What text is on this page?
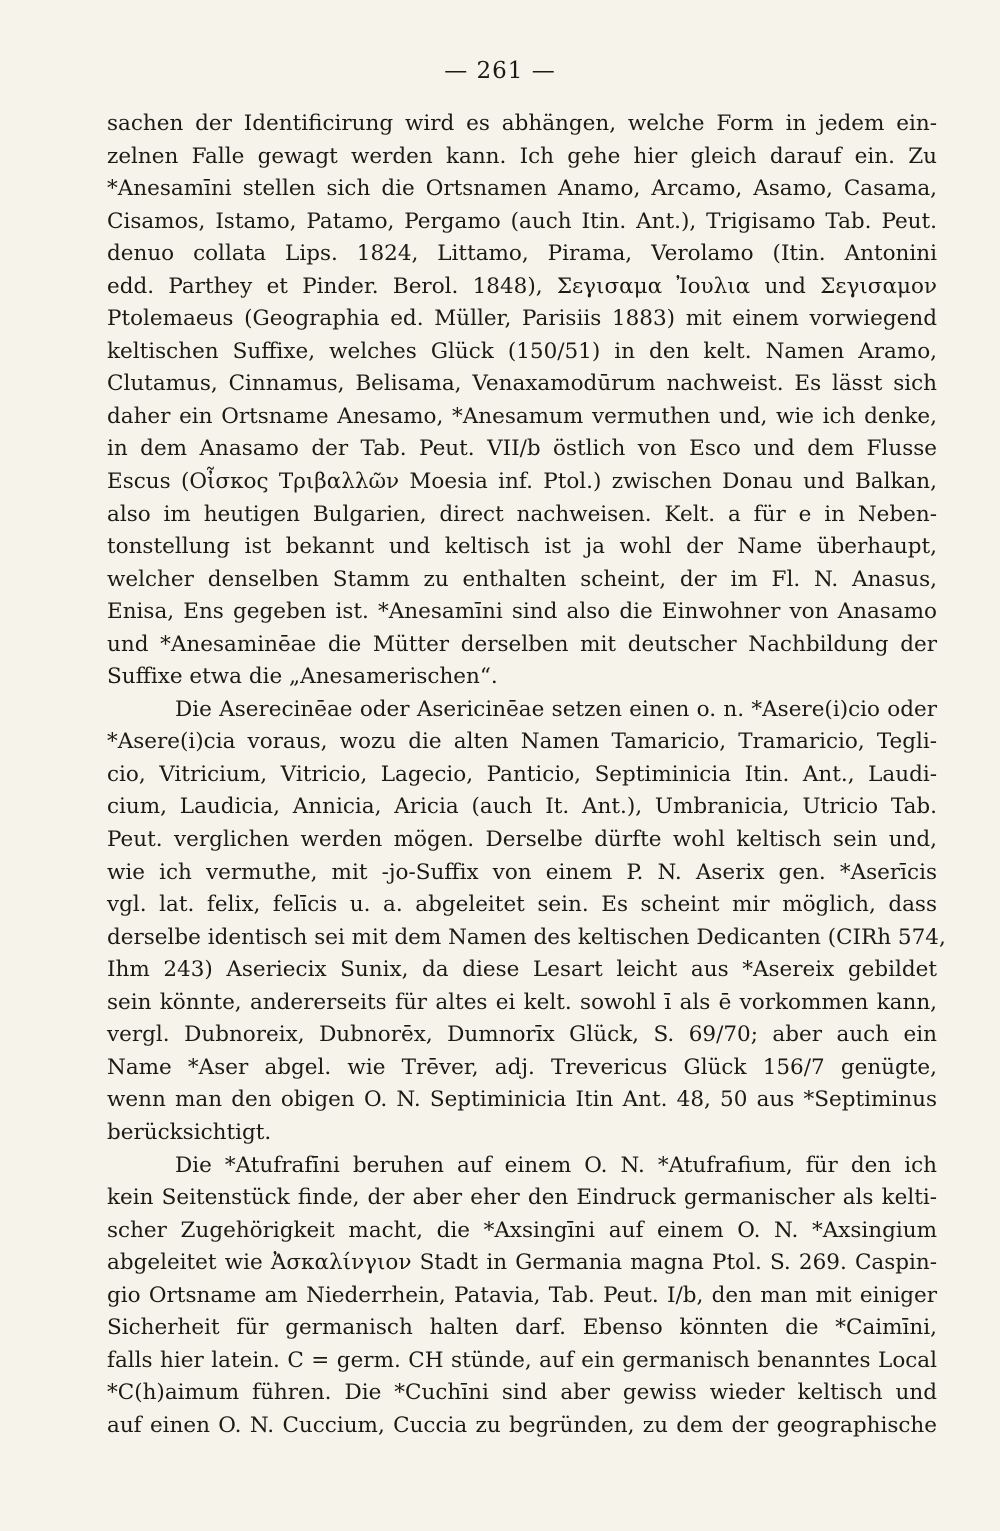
— 261 —
sachen der Identificirung wird es abhängen, welche Form in jedem ein-
zelnen Falle gewagt werden kann. Ich gehe hier gleich darauf ein. Zu
*Anesamīni stellen sich die Ortsnamen Anamo, Arcamo, Asamo, Casama,
Cisamos, Istamo, Patamo, Pergamo (auch Itin. Ant.), Trigisamo Tab. Peut.
denuo collata Lips. 1824, Littamo, Pirama, Verolamo (Itin. Antonini
edd. Parthey et Pinder. Berol. 1848), Σεγισαμα Ἰουλια und Σεγισαμον
Ptolemaeus (Geographia ed. Müller, Parisiis 1883) mit einem vorwiegend
keltischen Suffixe, welches Glück (150/51) in den kelt. Namen Aramo,
Clutamus, Cinnamus, Belisama, Venaxamodūrum nachweist. Es lässt sich
daher ein Ortsname Anesamo, *Anesamum vermuthen und, wie ich denke,
in dem Anasamo der Tab. Peut. VII/b östlich von Esco und dem Flusse
Escus (Οἶσκος Τριβαλλῶν Moesia inf. Ptol.) zwischen Donau und Balkan,
also im heutigen Bulgarien, direct nachweisen. Kelt. a für e in Neben-
tonstellung ist bekannt und keltisch ist ja wohl der Name überhaupt,
welcher denselben Stamm zu enthalten scheint, der im Fl. N. Anasus,
Enisa, Ens gegeben ist. *Anesamīni sind also die Einwohner von Anasamo
und *Anesaminēae die Mütter derselben mit deutscher Nachbildung der
Suffixe etwa die „Anesamerischen“.
Die Aserecinēae oder Asericinēae setzen einen o. n. *Asere(i)cio oder
*Asere(i)cia voraus, wozu die alten Namen Tamaricio, Tramaricio, Tegli-
cio, Vitricium, Vitricio, Lagecio, Panticio, Septiminicia Itin. Ant., Laudi-
cium, Laudicia, Annicia, Aricia (auch It. Ant.), Umbranicia, Utricio Tab.
Peut. verglichen werden mögen. Derselbe dürfte wohl keltisch sein und,
wie ich vermuthe, mit -jo-Suffix von einem P. N. Aserix gen. *Aserīcis
vgl. lat. felix, felīcis u. a. abgeleitet sein. Es scheint mir möglich, dass
derselbe identisch sei mit dem Namen des keltischen Dedicanten (CIRh 574,
Ihm 243) Aseriecix Sunix, da diese Lesart leicht aus *Asereix gebildet
sein könnte, andererseits für altes ei kelt. sowohl ī als ē vorkommen kann,
vergl. Dubnoreix, Dubnorēx, Dumnorīx Glück, S. 69/70; aber auch ein
Name *Aser abgel. wie Trēver, adj. Trevericus Glück 156/7 genügte,
wenn man den obigen O. N. Septiminicia Itin Ant. 48, 50 aus *Septiminus
berücksichtigt.
Die *Atufrafīni beruhen auf einem O. N. *Atufrafium, für den ich
kein Seitenstück finde, der aber eher den Eindruck germanischer als kelti-
scher Zugehörigkeit macht, die *Axsingīni auf einem O. N. *Axsingium
abgeleitet wie Ἀσκαλίνγιον Stadt in Germania magna Ptol. S. 269. Caspin-
gio Ortsname am Niederrhein, Patavia, Tab. Peut. I/b, den man mit einiger
Sicherheit für germanisch halten darf. Ebenso könnten die *Caimīni,
falls hier latein. C = germ. CH stünde, auf ein germanisch benanntes Local
*C(h)aimum führen. Die *Cuchīni sind aber gewiss wieder keltisch und
auf einen O. N. Cuccium, Cuccia zu begründen, zu dem der geographische
